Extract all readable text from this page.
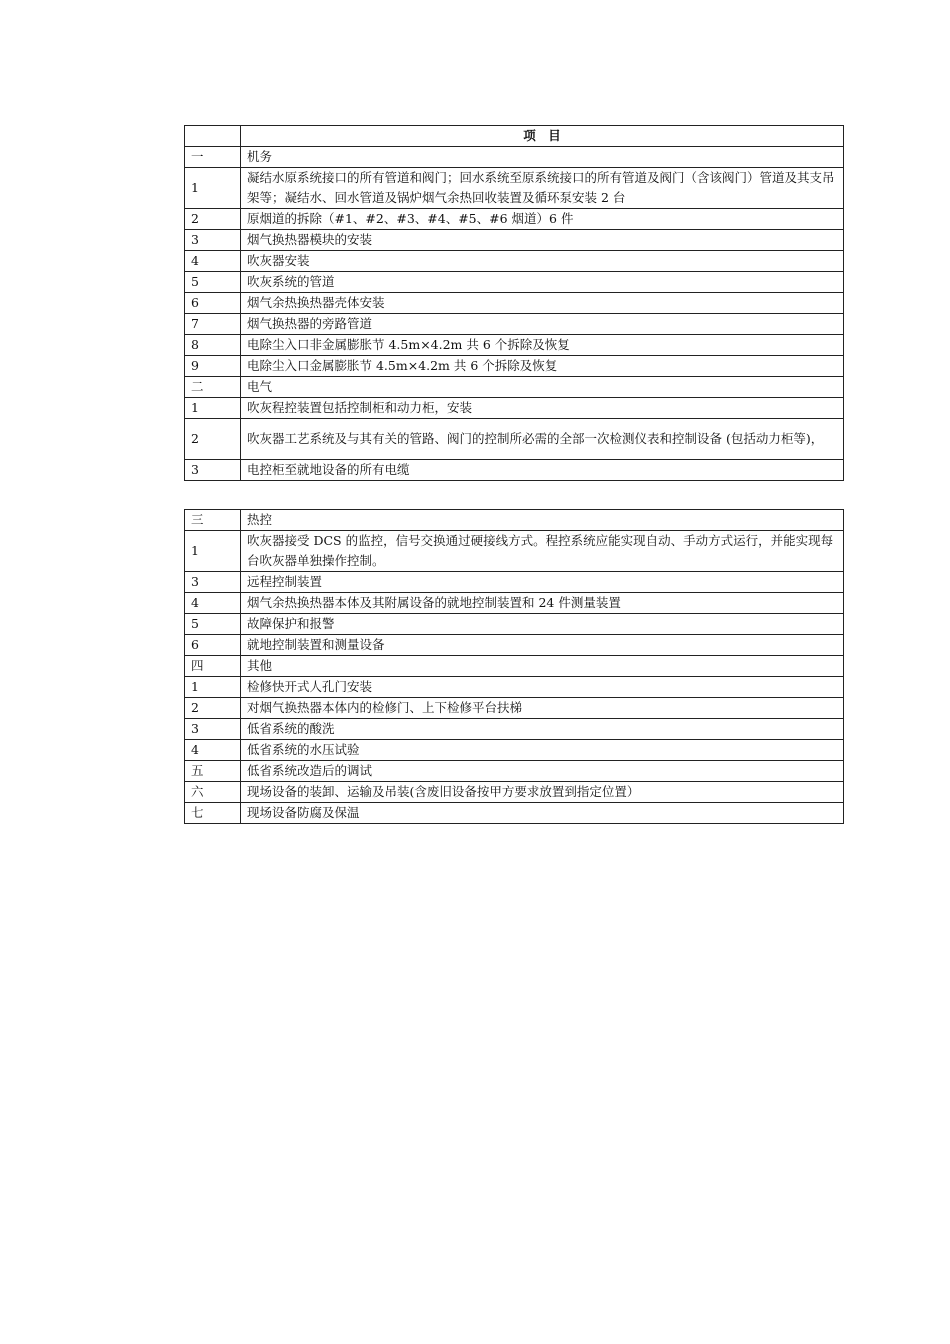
	项　目
一	机务
1	凝结水原系统接口的所有管道和阀门；回水系统至原系统接口的所有管道及阀门（含该阀门）管道及其支吊架等；凝结水、回水管道及锅炉烟气余热回收装置及循环泵安装 2 台
2	原烟道的拆除（#1、#2、#3、#4、#5、#6 烟道）6 件
3	烟气换热器模块的安装
4	吹灰器安装
5	吹灰系统的管道
6	烟气余热换热器壳体安装
7	烟气换热器的旁路管道
8	电除尘入口非金属膨胀节 4.5m×4.2m 共 6 个拆除及恢复
9	电除尘入口金属膨胀节 4.5m×4.2m 共 6 个拆除及恢复
二	电气
1	吹灰程控装置包括控制柜和动力柜，安装
2	吹灰器工艺系统及与其有关的管路、阀门的控制所必需的全部一次检测仪表和控制设备 (包括动力柜等)，
3	电控柜至就地设备的所有电缆
三	热控
1	吹灰器接受 DCS 的监控，信号交换通过硬接线方式。程控系统应能实现自动、手动方式运行，并能实现每台吹灰器单独操作控制。
3	远程控制装置
4	烟气余热换热器本体及其附属设备的就地控制装置和 24 件测量装置
5	故障保护和报警
6	就地控制装置和测量设备
四	其他
1	检修快开式人孔门安装
2	对烟气换热器本体内的检修门、上下检修平台扶梯
3	低省系统的酸洗
4	低省系统的水压试验
五	低省系统改造后的调试
六	现场设备的装卸、运输及吊装(含废旧设备按甲方要求放置到指定位置）
七	现场设备防腐及保温
